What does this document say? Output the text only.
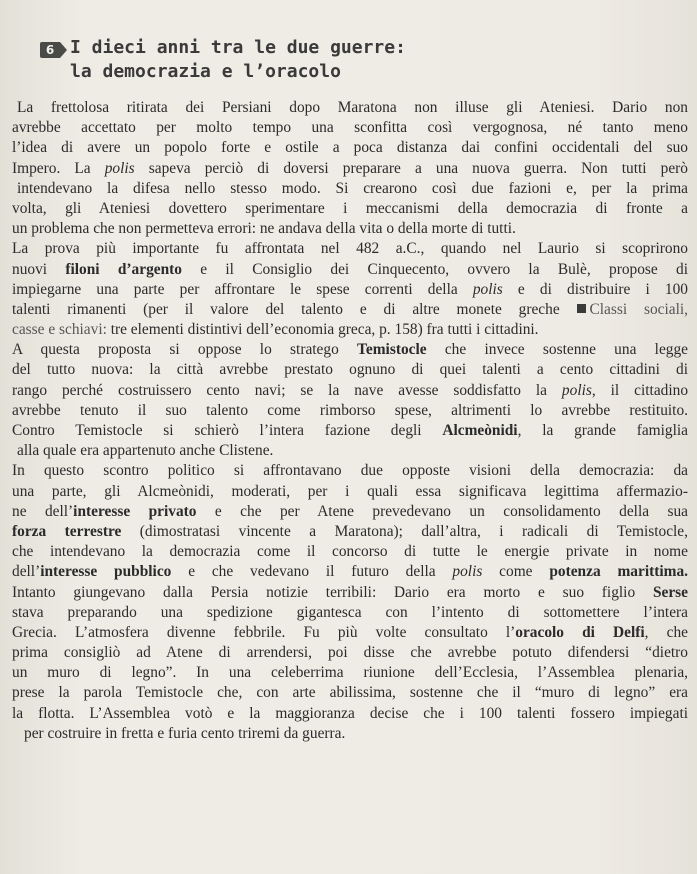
6 I dieci anni tra le due guerre:
la democrazia e l’oracolo
La frettolosa ritirata dei Persiani dopo Maratona non illuse gli Ateniesi. Dario non
avrebbe accettato per molto tempo una sconfitta così vergognosa, né tanto meno
l’idea di avere un popolo forte e ostile a poca distanza dai confini occidentali del suo
Impero. La polis sapeva perciò di doversi preparare a una nuova guerra. Non tutti però
intendevano la difesa nello stesso modo. Si crearono così due fazioni e, per la prima
volta, gli Ateniesi dovettero sperimentare i meccanismi della democrazia di fronte a
un problema che non permetteva errori: ne andava della vita o della morte di tutti.
La prova più importante fu affrontata nel 482 a.C., quando nel Laurio si scoprirono
nuovi filoni d’argento e il Consiglio dei Cinquecento, ovvero la Bulè, propose di
impiegarne una parte per affrontare le spese correnti della polis e di distribuire i 100
talenti rimanenti (per il valore del talento e di altre monete greche Classi sociali,
casse e schiavi: tre elementi distintivi dell’economia greca, p. 158) fra tutti i cittadini.
A questa proposta si oppose lo stratego Temistocle che invece sostenne una legge
del tutto nuova: la città avrebbe prestato ognuno di quei talenti a cento cittadini di
rango perché costruissero cento navi; se la nave avesse soddisfatto la polis, il cittadino
avrebbe tenuto il suo talento come rimborso spese, altrimenti lo avrebbe restituito.
Contro Temistocle si schierò l’intera fazione degli Alcmeònidi, la grande famiglia
alla quale era appartenuto anche Clistene.
In questo scontro politico si affrontavano due opposte visioni della democrazia: da
una parte, gli Alcmeònidi, moderati, per i quali essa significava legittima affermazio-
ne dell’interesse privato e che per Atene prevedevano un consolidamento della sua
forza terrestre (dimostratasi vincente a Maratona); dall’altra, i radicali di Temistocle,
che intendevano la democrazia come il concorso di tutte le energie private in nome
dell’interesse pubblico e che vedevano il futuro della polis come potenza marittima.
Intanto giungevano dalla Persia notizie terribili: Dario era morto e suo figlio Serse
stava preparando una spedizione gigantesca con l’intento di sottomettere l’intera
Grecia. L’atmosfera divenne febbrile. Fu più volte consultato l’oracolo di Delfi, che
prima consigliò ad Atene di arrendersi, poi disse che avrebbe potuto difendersi “dietro
un muro di legno”. In una celeberrima riunione dell’Ecclesia, l’Assemblea plenaria,
prese la parola Temistocle che, con arte abilissima, sostenne che il “muro di legno” era
la flotta. L’Assemblea votò e la maggioranza decise che i 100 talenti fossero impiegati
per costruire in fretta e furia cento triremi da guerra.
